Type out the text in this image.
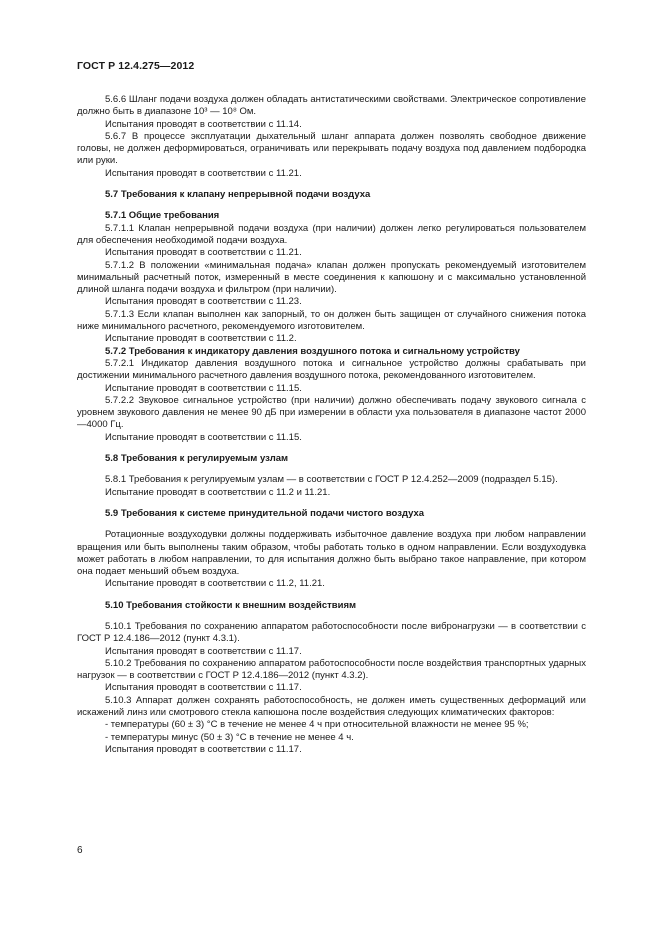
ГОСТ Р 12.4.275—2012

5.6.6 Шланг подачи воздуха должен обладать антистатическими свойствами. Электрическое сопротивление должно быть в диапазоне 10³ — 10⁸ Ом.

Испытания проводят в соответствии с 11.14.

5.6.7 В процессе эксплуатации дыхательный шланг аппарата должен позволять свободное движение головы, не должен деформироваться, ограничивать или перекрывать подачу воздуха под давлением подбородка или руки.

Испытания проводят в соответствии с 11.21.

5.7 Требования к клапану непрерывной подачи воздуха

5.7.1 Общие требования

5.7.1.1 Клапан непрерывной подачи воздуха (при наличии) должен легко регулироваться пользователем для обеспечения необходимой подачи воздуха.

Испытания проводят в соответствии с 11.21.

5.7.1.2 В положении «минимальная подача» клапан должен пропускать рекомендуемый изготовителем минимальный расчетный поток, измеренный в месте соединения к капюшону и с максимально установленной длиной шланга подачи воздуха и фильтром (при наличии).

Испытания проводят в соответствии с 11.23.

5.7.1.3 Если клапан выполнен как запорный, то он должен быть защищен от случайного снижения потока ниже минимального расчетного, рекомендуемого изготовителем.

Испытание проводят в соответствии с 11.2.

5.7.2 Требования к индикатору давления воздушного потока и сигнальному устройству

5.7.2.1 Индикатор давления воздушного потока и сигнальное устройство должны срабатывать при достижении минимального расчетного давления воздушного потока, рекомендованного изготовителем.

Испытание проводят в соответствии с 11.15.

5.7.2.2 Звуковое сигнальное устройство (при наличии) должно обеспечивать подачу звукового сигнала с уровнем звукового давления не менее 90 дБ при измерении в области уха пользователя в диапазоне частот 2000—4000 Гц.

Испытание проводят в соответствии с 11.15.

5.8 Требования к регулируемым узлам

5.8.1 Требования к регулируемым узлам — в соответствии с ГОСТ Р 12.4.252—2009 (подраздел 5.15).

Испытание проводят в соответствии с 11.2 и 11.21.

5.9 Требования к системе принудительной подачи чистого воздуха

Ротационные воздуходувки должны поддерживать избыточное давление воздуха при любом направлении вращения или быть выполнены таким образом, чтобы работать только в одном направлении. Если воздуходувка может работать в любом направлении, то для испытания должно быть выбрано такое направление, при котором она подает меньший объем воздуха.

Испытание проводят в соответствии с 11.2, 11.21.

5.10 Требования стойкости к внешним воздействиям

5.10.1 Требования по сохранению аппаратом работоспособности после вибронагрузки — в соответствии с ГОСТ Р 12.4.186—2012 (пункт 4.3.1).

Испытания проводят в соответствии с 11.17.

5.10.2 Требования по сохранению аппаратом работоспособности после воздействия транспортных ударных нагрузок — в соответствии с ГОСТ Р 12.4.186—2012 (пункт 4.3.2).

Испытания проводят в соответствии с 11.17.

5.10.3 Аппарат должен сохранять работоспособность, не должен иметь существенных деформаций или искажений линз или смотрового стекла капюшона после воздействия следующих климатических факторов:

- температуры (60 ± 3) °С в течение не менее 4 ч при относительной влажности не менее 95 %;

- температуры минус (50 ± 3) °С в течение не менее 4 ч.

Испытания проводят в соответствии с 11.17.

6
